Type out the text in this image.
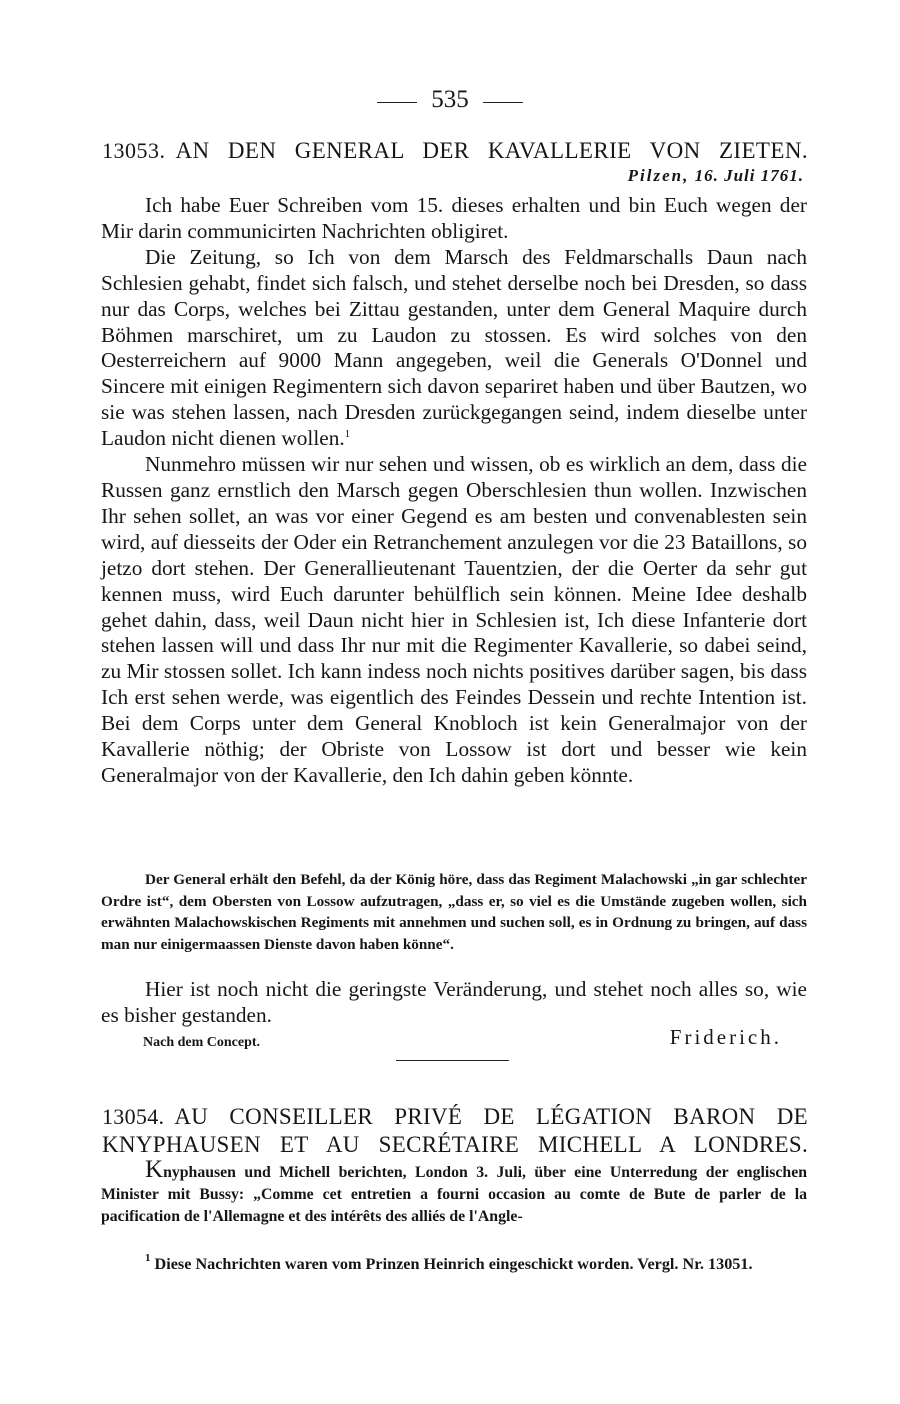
535
13053. AN DEN GENERAL DER KAVALLERIE VON ZIETEN.
Pilzen, 16. Juli 1761.

Ich habe Euer Schreiben vom 15. dieses erhalten und bin Euch wegen der Mir darin communicirten Nachrichten obligiret.

Die Zeitung, so Ich von dem Marsch des Feldmarschalls Daun nach Schlesien gehabt, findet sich falsch, und stehet derselbe noch bei Dresden, so dass nur das Corps, welches bei Zittau gestanden, unter dem General Maquire durch Böhmen marschiret, um zu Laudon zu stossen. Es wird solches von den Oesterreichern auf 9000 Mann angegeben, weil die Generals O'Donnel und Sincere mit einigen Regimentern sich davon separiret haben und über Bautzen, wo sie was stehen lassen, nach Dresden zurückgegangen seind, indem dieselbe unter Laudon nicht dienen wollen.$^1$

Nunmehro müssen wir nur sehen und wissen, ob es wirklich an dem, dass die Russen ganz ernstlich den Marsch gegen Oberschlesien thun wollen. Inzwischen Ihr sehen sollet, an was vor einer Gegend es am besten und convenablesten sein wird, auf diesseits der Oder ein Retranchement anzulegen vor die 23 Bataillons, so jetzo dort stehen. Der Generallieutenant Tauentzien, der die Oerter da sehr gut kennen muss, wird Euch darunter behülflich sein können. Meine Idee deshalb gehet dahin, dass, weil Daun nicht hier in Schlesien ist, Ich diese Infanterie dort stehen lassen will und dass Ihr nur mit die Regimenter Kavallerie, so dabei seind, zu Mir stossen sollet. Ich kann indess noch nichts positives darüber sagen, bis dass Ich erst sehen werde, was eigentlich des Feindes Dessein und rechte Intention ist. Bei dem Corps unter dem General Knobloch ist kein Generalmajor von der Kavallerie nöthig; der Obriste von Lossow ist dort und besser wie kein Generalmajor von der Kavallerie, den Ich dahin geben könnte.

Der General erhält den Befehl, da der König höre, dass das Regiment Malachowski „in gar schlechter Ordre ist“, dem Obersten von Lossow aufzutragen, „dass er, so viel es die Umstände zugeben wollen, sich erwähnten Malachowskischen Regiments mit annehmen und suchen soll, es in Ordnung zu bringen, auf dass man nur einigermaassen Dienste davon haben könne“.

Hier ist noch nicht die geringste Veränderung, und stehet noch alles so, wie es bisher gestanden.

Nach dem Concept.	Friderich.
13054. AU CONSEILLER PRIVÉ DE LÉGATION BARON DE
KNYPHAUSEN ET AU SECRÉTAIRE MICHELL A LONDRES.

Knyphausen und Michell berichten, London 3. Juli, über eine Unterredung der englischen Minister mit Bussy: „Comme cet entretien a fourni occasion au comte de Bute de parler de la pacification de l'Allemagne et des intérêts des alliés de l'Angle-

$^1$ Diese Nachrichten waren vom Prinzen Heinrich eingeschickt worden. Vergl. Nr. 13051.
